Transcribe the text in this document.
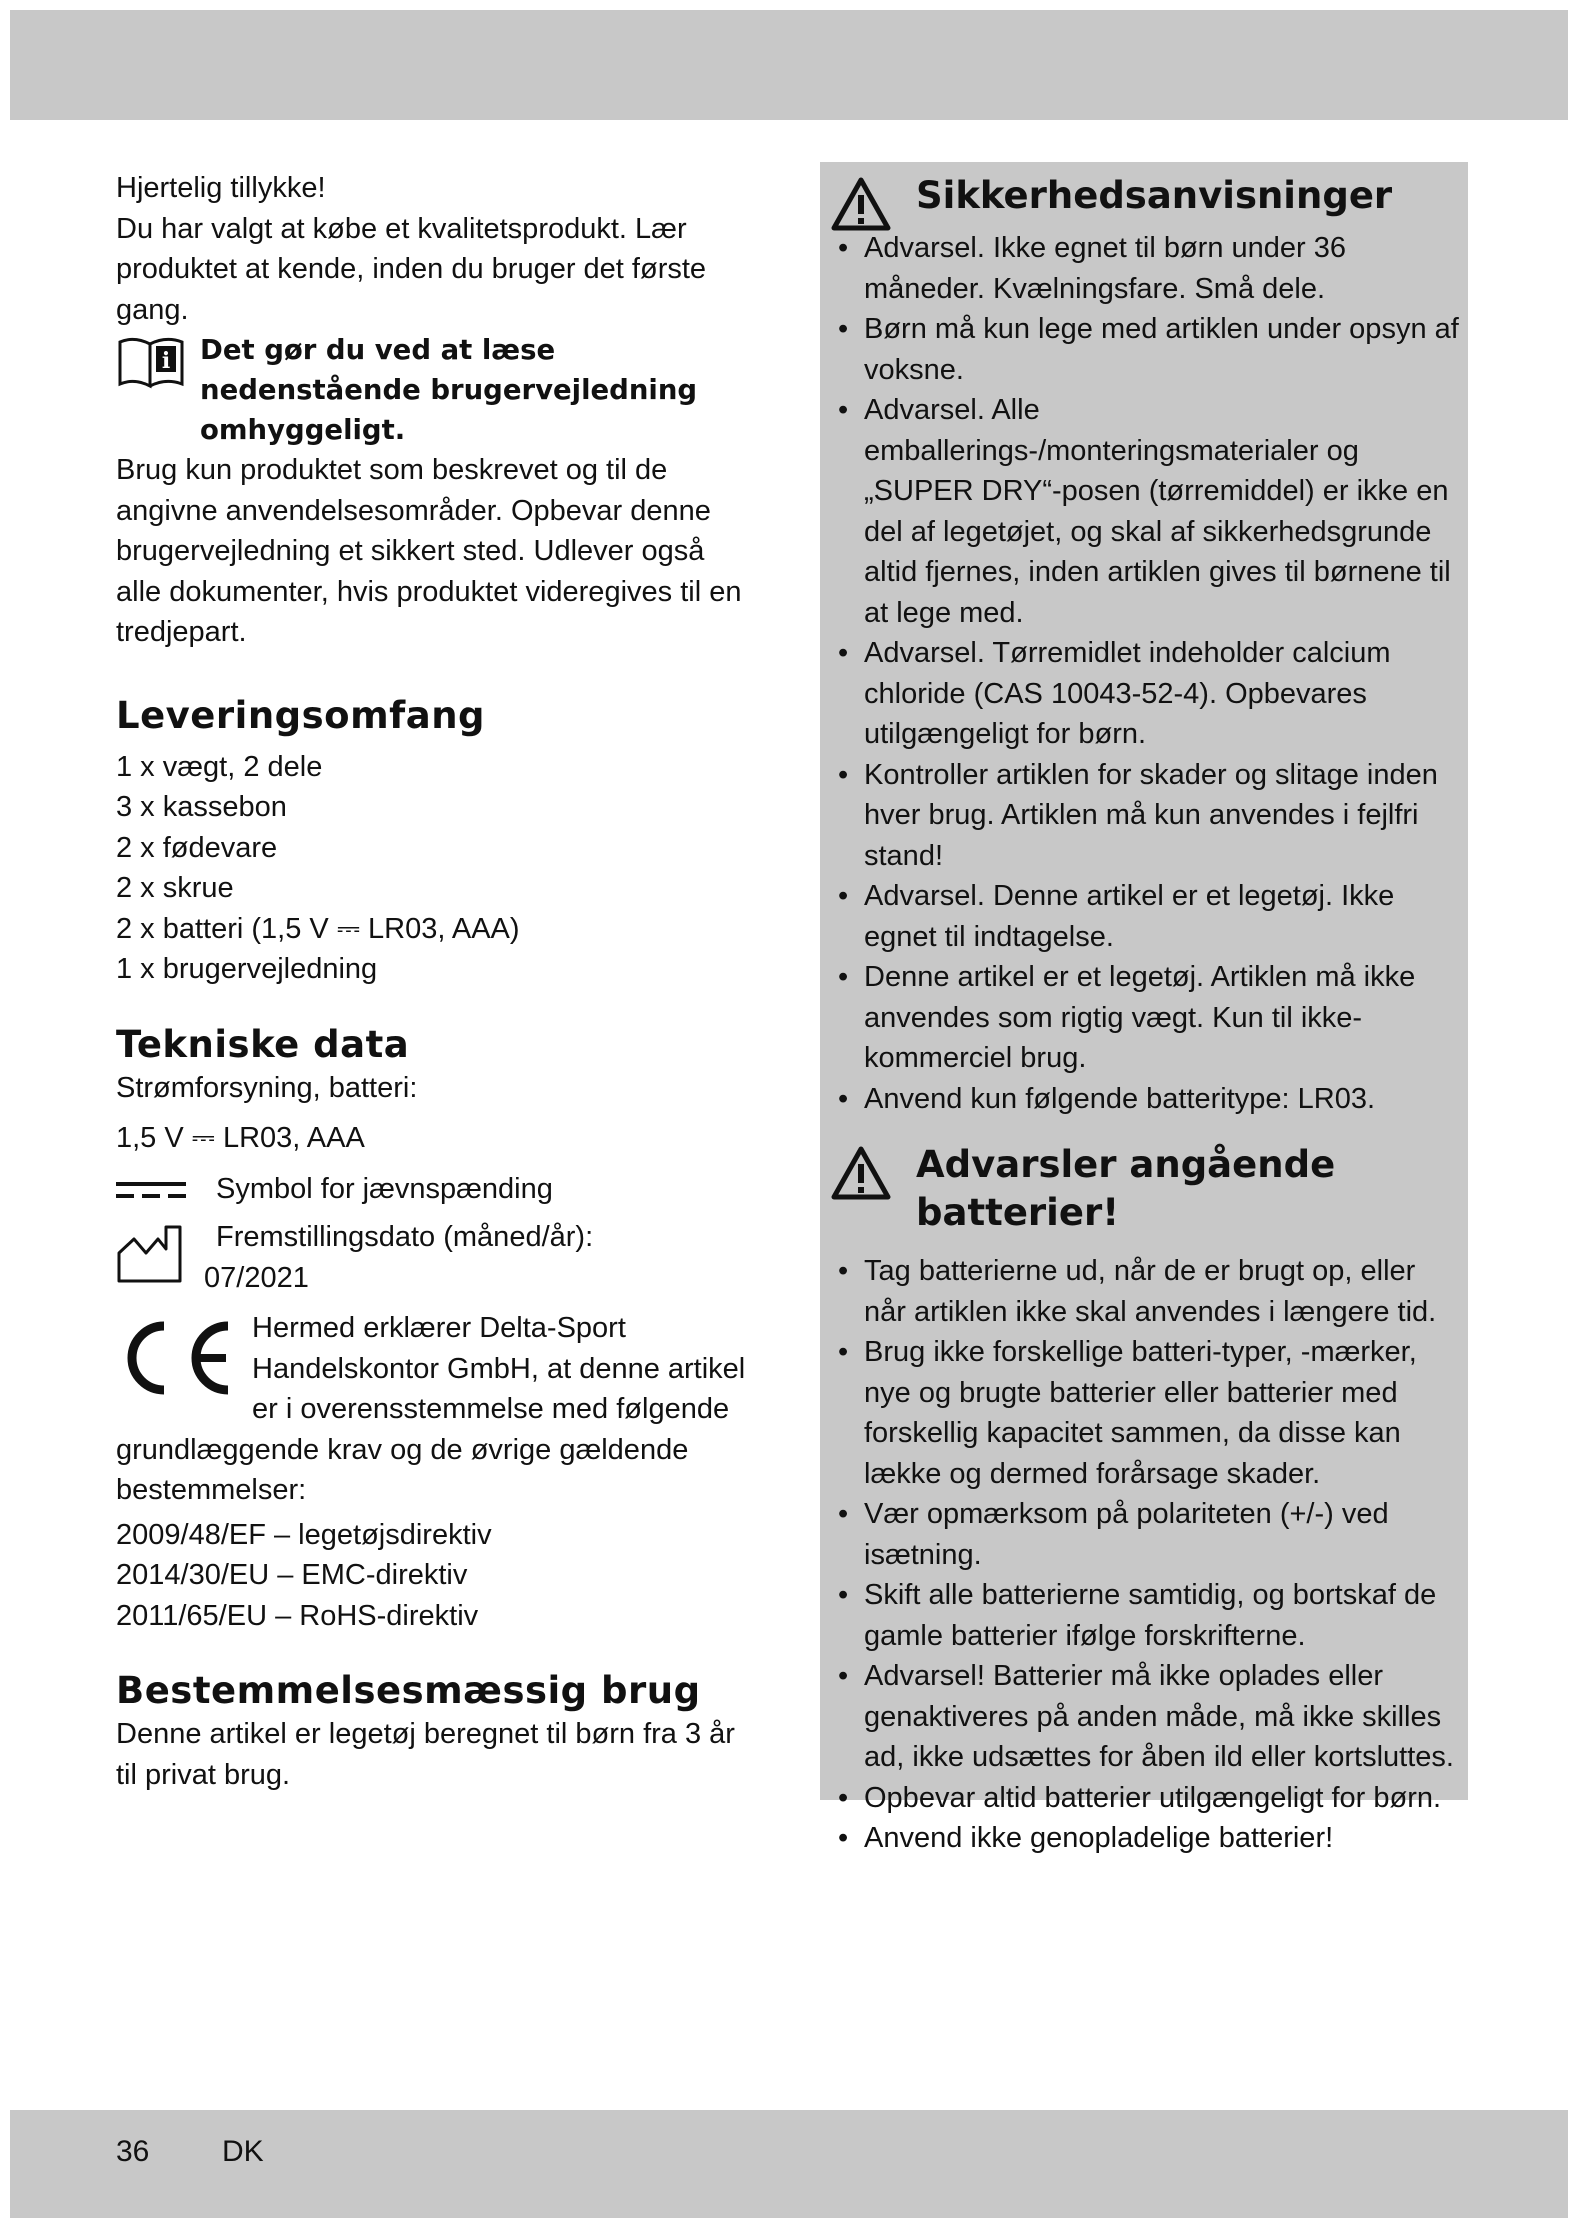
Hjertelig tillykke!

Du har valgt at købe et kvalitetsprodukt. Lær produktet at kende, inden du bruger det første gang.

i Det gør du ved at læse nedenstående brugervejledning omhyggeligt.

Brug kun produktet som beskrevet og til de angivne anvendelsesområder. Opbevar denne brugervejledning et sikkert sted. Udlever også alle dokumenter, hvis produktet videregives til en tredjepart.

Leveringsomfang
1 x vægt, 2 dele
3 x kassebon
2 x fødevare
2 x skrue
2 x batteri (1,5 V ⎓ LR03, AAA)
1 x brugervejledning
Tekniske data

Strømforsyning, batteri:

1,5 V ⎓ LR03, AAA

Symbol for jævnspænding
Fremstillingsdato (måned/år):
07/2021
Hermed erklærer Delta-Sport Handelskontor GmbH, at denne artikel er i overensstemmelse med følgende grundlæggende krav og de øvrige gældende bestemmelser:
2009/48/EF – legetøjsdirektiv
2014/30/EU – EMC-direktiv
2011/65/EU – RoHS-direktiv
Bestemmelsesmæssig brug

Denne artikel er legetøj beregnet til børn fra 3 år til privat brug.

Sikkerhedsanvisninger
• Advarsel. Ikke egnet til børn under 36 måneder. Kvælningsfare. Små dele.
• Børn må kun lege med artiklen under opsyn af voksne.
• Advarsel. Alle emballerings-/monteringsmaterialer og „SUPER DRY“-posen (tørremiddel) er ikke en del af legetøjet, og skal af sikkerhedsgrunde altid fjernes, inden artiklen gives til børnene til at lege med.
• Advarsel. Tørremidlet indeholder calcium chloride (CAS 10043-52-4). Opbevares utilgængeligt for børn.
• Kontroller artiklen for skader og slitage inden hver brug. Artiklen må kun anvendes i fejlfri stand!
• Advarsel. Denne artikel er et legetøj. Ikke egnet til indtagelse.
• Denne artikel er et legetøj. Artiklen må ikke anvendes som rigtig vægt. Kun til ikke-kommerciel brug.
• Anvend kun følgende batteritype: LR03.
Advarsler angående batterier!
• Tag batterierne ud, når de er brugt op, eller når artiklen ikke skal anvendes i længere tid.
• Brug ikke forskellige batteri-typer, -mærker, nye og brugte batterier eller batterier med forskellig kapacitet sammen, da disse kan lække og dermed forårsage skader.
• Vær opmærksom på polariteten (+/-) ved isætning.
• Skift alle batterierne samtidig, og bortskaf de gamle batterier ifølge forskrifterne.
• Advarsel! Batterier må ikke oplades eller genaktiveres på anden måde, må ikke skilles ad, ikke udsættes for åben ild eller kortsluttes.
• Opbevar altid batterier utilgængeligt for børn.
• Anvend ikke genopladelige batterier!
36 DK
